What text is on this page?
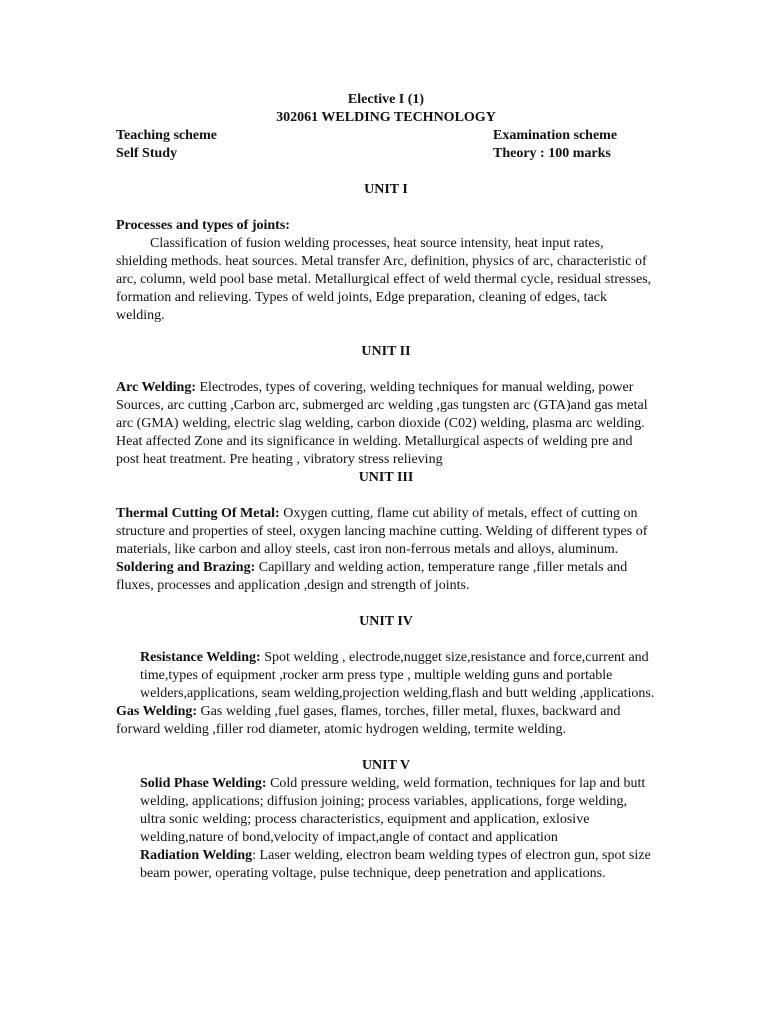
Elective I (1)

302061 WELDING TECHNOLOGY

Teaching scheme	Examination scheme
Self Study	Theory : 100 marks

UNIT I

Processes and types of joints:

Classification of fusion welding processes, heat source intensity, heat input rates, shielding methods. heat sources. Metal transfer Arc, definition, physics of arc, characteristic of arc, column, weld pool base metal. Metallurgical effect of weld thermal cycle, residual stresses, formation and relieving. Types of weld joints, Edge preparation, cleaning of edges, tack welding.

UNIT II

Arc Welding: Electrodes, types of covering, welding techniques for manual welding, power Sources, arc cutting ,Carbon arc, submerged arc welding ,gas tungsten arc (GTA)and gas metal arc (GMA) welding, electric slag welding, carbon dioxide (C02) welding, plasma arc welding.

Heat affected Zone and its significance in welding. Metallurgical aspects of welding pre and post heat treatment. Pre heating , vibratory stress relieving

UNIT III

Thermal Cutting Of Metal: Oxygen cutting, flame cut ability of metals, effect of cutting on structure and properties of steel, oxygen lancing machine cutting. Welding of different types of materials, like carbon and alloy steels, cast iron non-ferrous metals and alloys, aluminum.

Soldering and Brazing: Capillary and welding action, temperature range ,filler metals and fluxes, processes and application ,design and strength of joints.

UNIT IV

Resistance Welding: Spot welding , electrode,nugget size,resistance and force,current and time,types of equipment ,rocker arm press type , multiple welding guns and portable welders,applications, seam welding,projection welding,flash and butt welding ,applications.

Gas Welding: Gas welding ,fuel gases, flames, torches, filler metal, fluxes, backward and forward welding ,filler rod diameter, atomic hydrogen welding, termite welding.

UNIT V

Solid Phase Welding: Cold pressure welding, weld formation, techniques for lap and butt welding, applications; diffusion joining; process variables, applications, forge welding, ultra sonic welding; process characteristics, equipment and application, exlosive welding,nature of bond,velocity of impact,angle of contact and application

Radiation Welding: Laser welding, electron beam welding types of electron gun, spot size beam power, operating voltage, pulse technique, deep penetration and applications.
